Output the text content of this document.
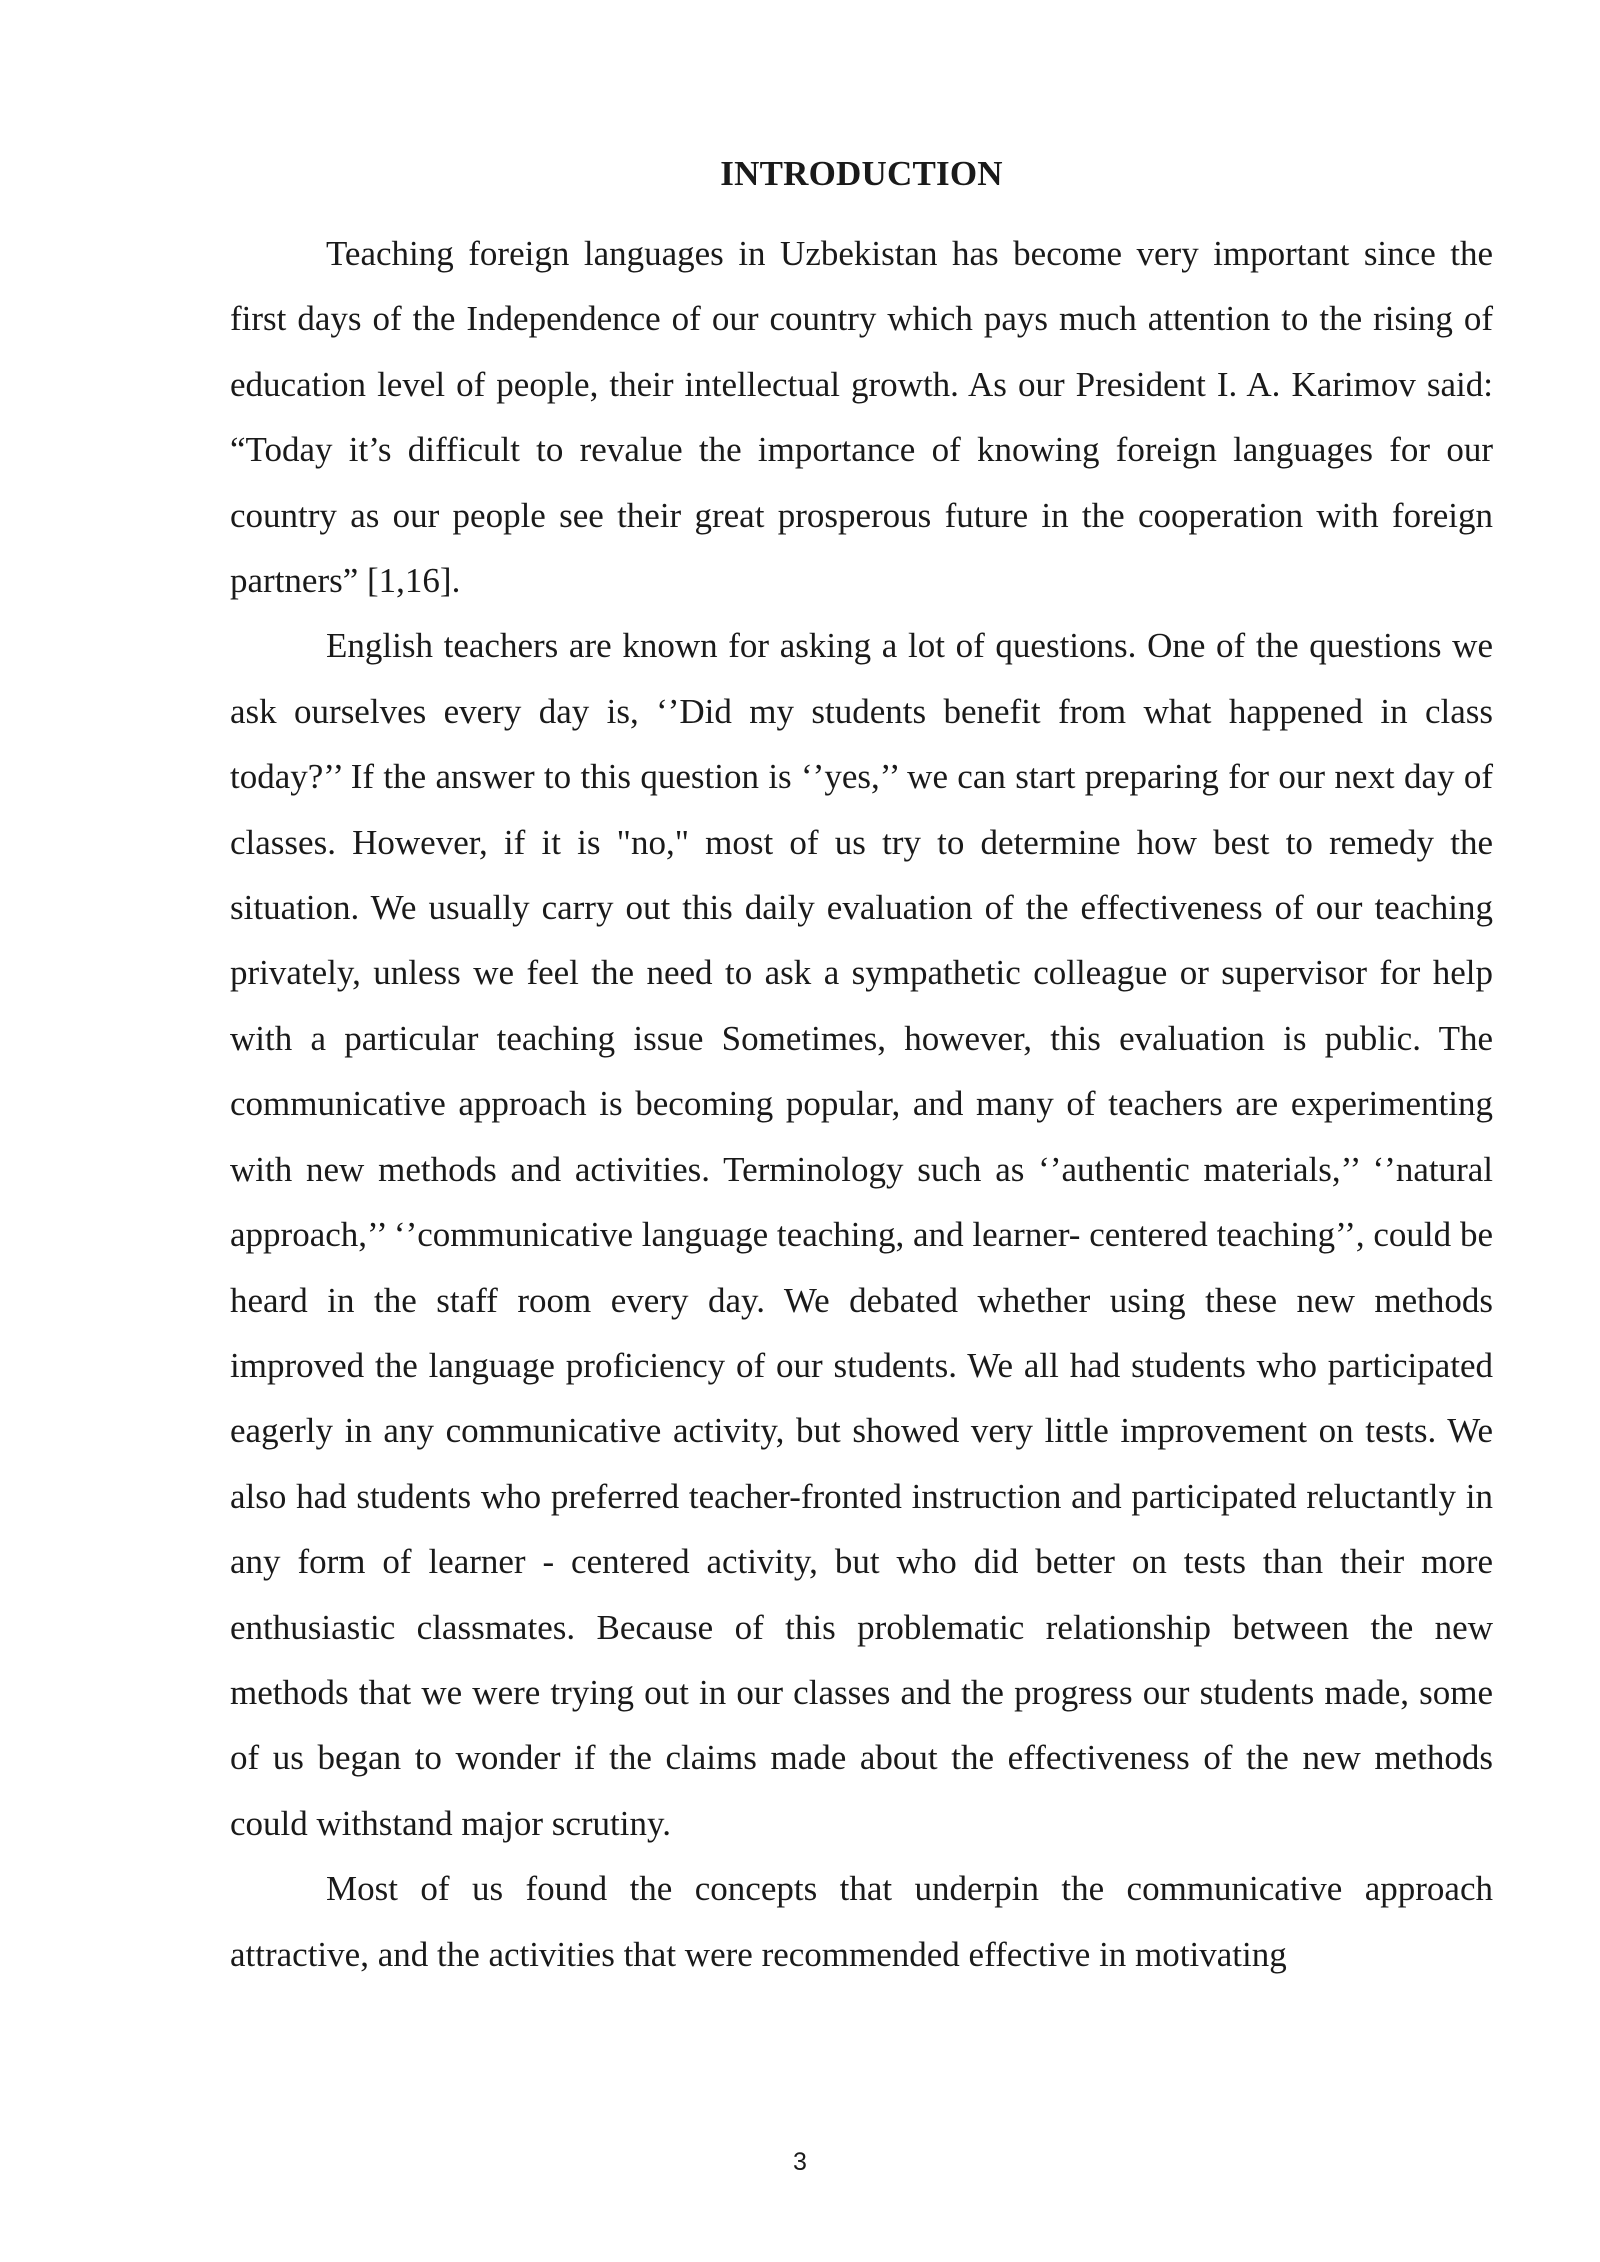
INTRODUCTION

Teaching foreign languages in Uzbekistan has become very important since the first days of the Independence of our country which pays much attention to the rising of education level of people, their intellectual growth. As our President I. A. Karimov said: “Today it’s difficult to revalue the importance of knowing foreign languages for our country as our people see their great prosperous future in the cooperation with foreign partners” [1,16].

English teachers are known for asking a lot of questions. One of the questions we ask ourselves every day is, ‘’Did my students benefit from what happened in class today?’’ If the answer to this question is ‘’yes,’’ we can start preparing for our next day of classes. However, if it is "no," most of us try to determine how best to remedy the situation. We usually carry out this daily evaluation of the effectiveness of our teaching privately, unless we feel the need to ask a sympathetic colleague or supervisor for help with a particular teaching issue Sometimes, however, this evaluation is public. The communicative approach is becoming popular, and many of teachers are experimenting with new methods and activities. Terminology such as ‘’authentic materials,’’ ‘’natural approach,’’ ‘’communicative language teaching, and learner- centered teaching’’, could be heard in the staff room every day. We debated whether using these new methods improved the language proficiency of our students. We all had students who participated eagerly in any communicative activity, but showed very little improvement on tests. We also had students who preferred teacher-fronted instruction and participated reluctantly in any form of learner - centered activity, but who did better on tests than their more enthusiastic classmates. Because of this problematic relationship between the new methods that we were trying out in our classes and the progress our students made, some of us began to wonder if the claims made about the effectiveness of the new methods could withstand major scrutiny.

Most of us found the concepts that underpin the communicative approach attractive, and the activities that were recommended effective in motivating

3
